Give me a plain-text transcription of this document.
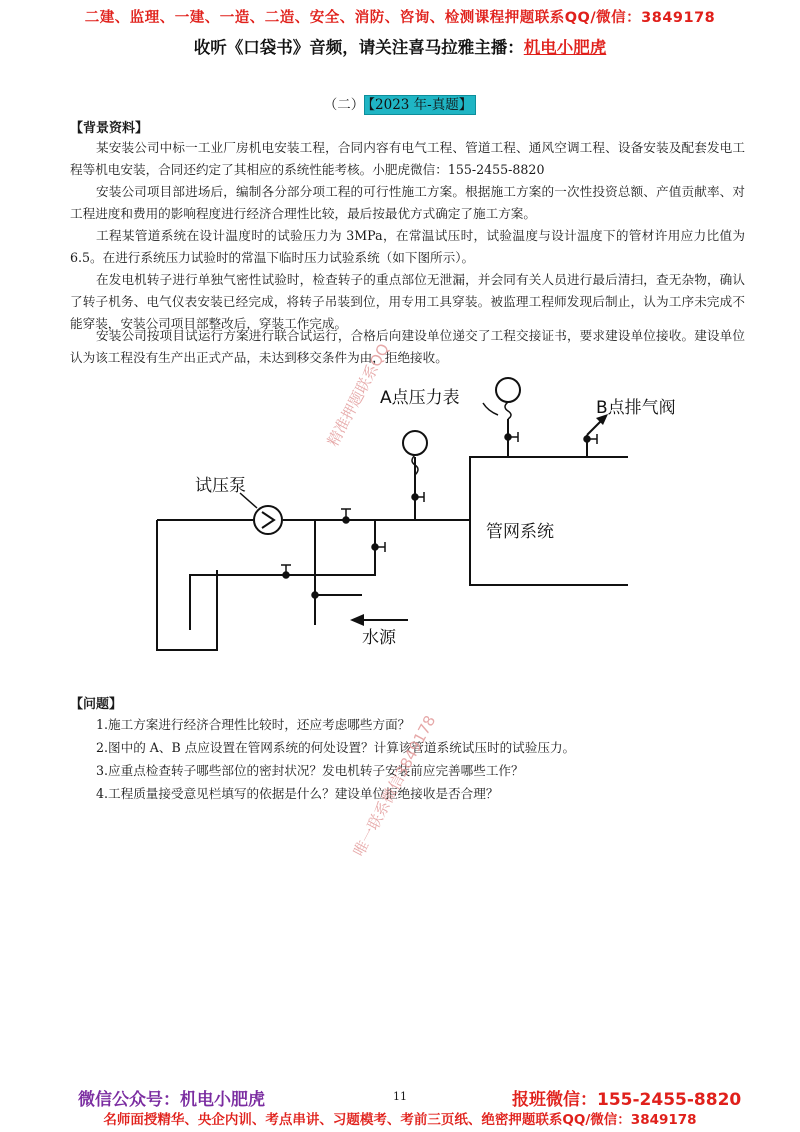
二建、监理、一建、一造、二造、安全、消防、咨询、检测课程押题联系QQ/微信：3849178
收听《口袋书》音频，请关注喜马拉雅主播：机电小肥虎
（二） 【2023 年-真题】
【背景资料】
某安装公司中标一工业厂房机电安装工程，合同内容有电气工程、管道工程、通风空调工程、设备安装及配套发电工程等机电安装，合同还约定了其相应的系统性能考核。小肥虎微信：155-2455-8820
安装公司项目部进场后，编制各分部分项工程的可行性施工方案。根据施工方案的一次性投资总额、产值贡献率、对工程进度和费用的影响程度进行经济合理性比较，最后按最优方式确定了施工方案。
工程某管道系统在设计温度时的试验压力为 3MPa，在常温试压时，试验温度与设计温度下的管材许用应力比值为 6.5。在进行系统压力试验时的常温下临时压力试验系统（如下图所示）。
在发电机转子进行单独气密性试验时，检查转子的重点部位无泄漏，并会同有关人员进行最后清扫，查无杂物，确认了转子机务、电气仪表安装已经完成，将转子吊装到位，用专用工具穿装。被监理工程师发现后制止，认为工序未完成不能穿装，安装公司项目部整改后，穿装工作完成。
安装公司按项目试运行方案进行联合试运行，合格后向建设单位递交了工程交接证书，要求建设单位接收。建设单位认为该工程没有生产出正式产品，未达到移交条件为由，拒绝接收。
A点压力表	B点排气阀
试压泵
管网系统
水源
【问题】
1.施工方案进行经济合理性比较时，还应考虑哪些方面？
2.图中的 A、B 点应设置在管网系统的何处设置？计算该管道系统试压时的试验压力。
3.应重点检查转子哪些部位的密封状况？发电机转子安装前应完善哪些工作？
4.工程质量接受意见栏填写的依据是什么？建设单位拒绝接收是否合理？
精准押题联系QQ
唯一联系微信3849178
微信公众号：机电小肥虎	11	报班微信：155-2455-8820
名师面授精华、央企内训、考点串讲、习题模考、考前三页纸、绝密押题联系QQ/微信：3849178
